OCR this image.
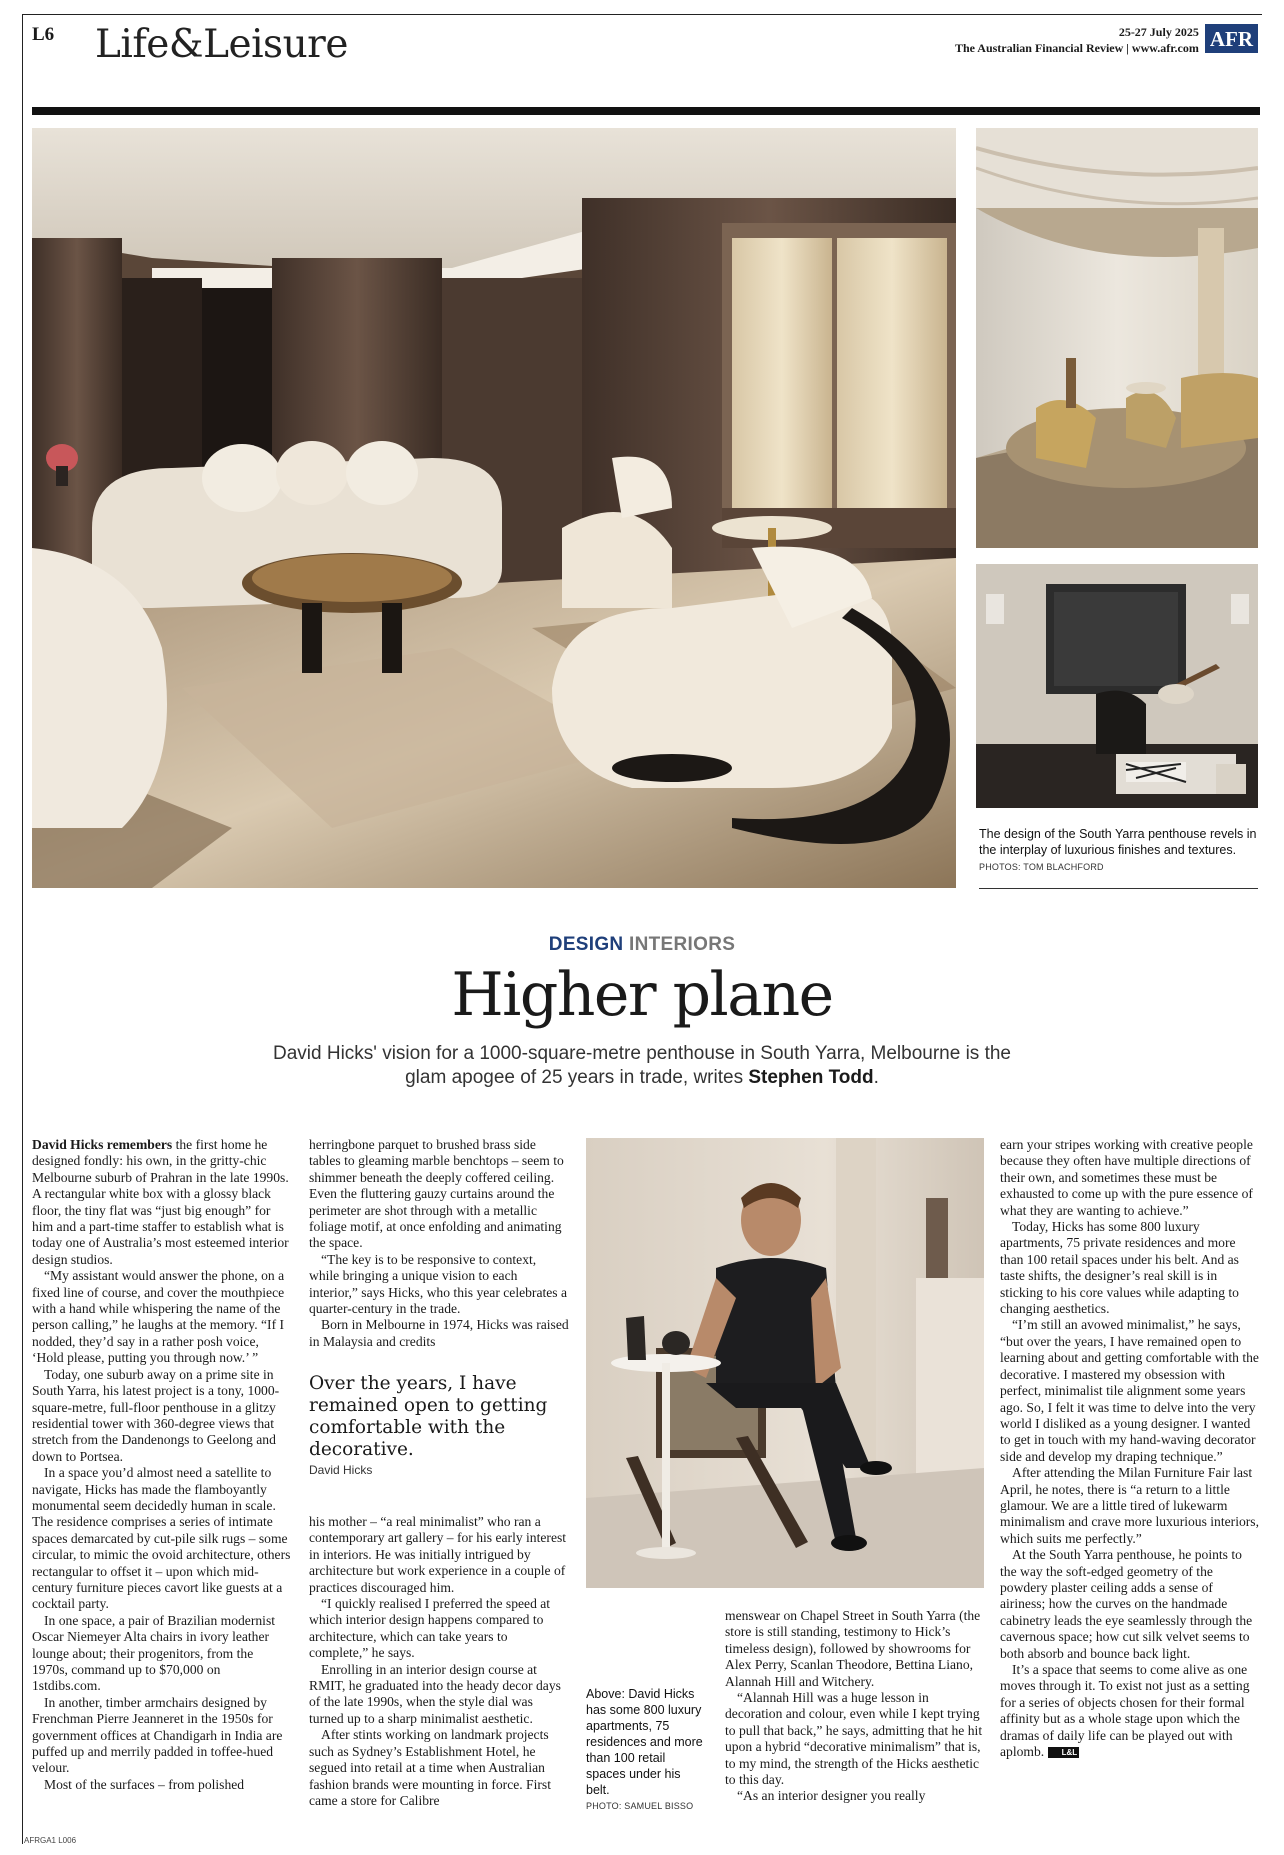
L6 Life&Leisure	25-27 July 2025
The Australian Financial Review | www.afr.com AFR
The design of the South Yarra penthouse revels in the interplay of luxurious finishes and textures. PHOTOS: TOM BLACHFORD
DESIGN INTERIORS
Higher plane
David Hicks' vision for a 1000-square-metre penthouse in South Yarra, Melbourne is the glam apogee of 25 years in trade, writes Stephen Todd.

David Hicks remembers the first home he designed fondly: his own, in the gritty-chic Melbourne suburb of Prahran in the late 1990s. A rectangular white box with a glossy black floor, the tiny flat was “just big enough” for him and a part-time staffer to establish what is today one of Australia’s most esteemed interior design studios.

“My assistant would answer the phone, on a fixed line of course, and cover the mouthpiece with a hand while whispering the name of the person calling,” he laughs at the memory. “If I nodded, they’d say in a rather posh voice, ‘Hold please, putting you through now.’ ”

Today, one suburb away on a prime site in South Yarra, his latest project is a tony, 1000-square-metre, full-floor penthouse in a glitzy residential tower with 360-degree views that stretch from the Dandenongs to Geelong and down to Portsea.

In a space you’d almost need a satellite to navigate, Hicks has made the flamboyantly monumental seem decidedly human in scale. The residence comprises a series of intimate spaces demarcated by cut-pile silk rugs – some circular, to mimic the ovoid architecture, others rectangular to offset it – upon which mid-century furniture pieces cavort like guests at a cocktail party.

In one space, a pair of Brazilian modernist Oscar Niemeyer Alta chairs in ivory leather lounge about; their progenitors, from the 1970s, command up to $70,000 on 1stdibs.com.

In another, timber armchairs designed by Frenchman Pierre Jeanneret in the 1950s for government offices at Chandigarh in India are puffed up and merrily padded in toffee-hued velour.

Most of the surfaces – from polished

herringbone parquet to brushed brass side tables to gleaming marble benchtops – seem to shimmer beneath the deeply coffered ceiling. Even the fluttering gauzy curtains around the perimeter are shot through with a metallic foliage motif, at once enfolding and animating the space.

“The key is to be responsive to context, while bringing a unique vision to each interior,” says Hicks, who this year celebrates a quarter-century in the trade.

Born in Melbourne in 1974, Hicks was raised in Malaysia and credits

Over the years, I have remained open to getting comfortable with the decorative.
David Hicks

his mother – “a real minimalist” who ran a contemporary art gallery – for his early interest in interiors. He was initially intrigued by architecture but work experience in a couple of practices discouraged him.

“I quickly realised I preferred the speed at which interior design happens compared to architecture, which can take years to complete,” he says.

Enrolling in an interior design course at RMIT, he graduated into the heady decor days of the late 1990s, when the style dial was turned up to a sharp minimalist aesthetic.

After stints working on landmark projects such as Sydney’s Establishment Hotel, he segued into retail at a time when Australian fashion brands were mounting in force. First came a store for Calibre

Above: David Hicks has some 800 luxury apartments, 75 residences and more than 100 retail spaces under his belt.
PHOTO: SAMUEL BISSO

menswear on Chapel Street in South Yarra (the store is still standing, testimony to Hick’s timeless design), followed by showrooms for Alex Perry, Scanlan Theodore, Bettina Liano, Alannah Hill and Witchery.

“Alannah Hill was a huge lesson in decoration and colour, even while I kept trying to pull that back,” he says, admitting that he hit upon a hybrid “decorative minimalism” that is, to my mind, the strength of the Hicks aesthetic to this day.

“As an interior designer you really

earn your stripes working with creative people because they often have multiple directions of their own, and sometimes these must be exhausted to come up with the pure essence of what they are wanting to achieve.”

Today, Hicks has some 800 luxury apartments, 75 private residences and more than 100 retail spaces under his belt. And as taste shifts, the designer’s real skill is in sticking to his core values while adapting to changing aesthetics.

“I’m still an avowed minimalist,” he says, “but over the years, I have remained open to learning about and getting comfortable with the decorative. I mastered my obsession with perfect, minimalist tile alignment some years ago. So, I felt it was time to delve into the very world I disliked as a young designer. I wanted to get in touch with my hand-waving decorator side and develop my draping technique.”

After attending the Milan Furniture Fair last April, he notes, there is “a return to a little glamour. We are a little tired of lukewarm minimalism and crave more luxurious interiors, which suits me perfectly.”

At the South Yarra penthouse, he points to the way the soft-edged geometry of the powdery plaster ceiling adds a sense of airiness; how the curves on the handmade cabinetry leads the eye seamlessly through the cavernous space; how cut silk velvet seems to both absorb and bounce back light.

It’s a space that seems to come alive as one moves through it. To exist not just as a setting for a series of objects chosen for their formal affinity but as a whole stage upon which the dramas of daily life can be played out with aplomb. L&L

AFRGA1 L006
